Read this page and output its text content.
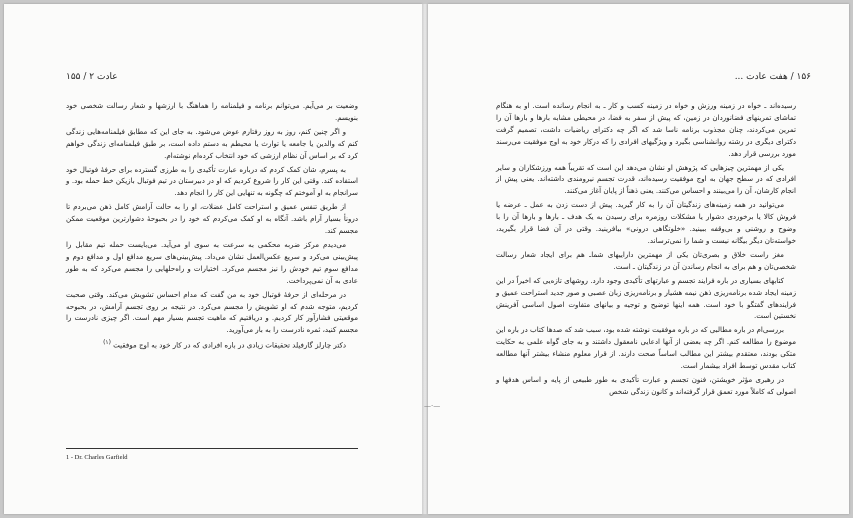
عادت ۲ / ۱۵۵

وضعیت بر می‌آیم. می‌توانم برنامه و فیلمنامه را هماهنگ با ارزشها و شعار رسالت شخصی خود بنویسم.

و اگر چنین کنم، روز به روز رفتارم عوض می‌شود. به جای این که مطابق فیلمنامه‌هایی زندگی کنم که والدین یا جامعه یا توارث یا محیطم به دستم داده است، بر طبق فیلمنامه‌ای زندگی خواهم کرد که بر اساس آن نظام ارزشی که خود انتخاب کرده‌ام نوشته‌ام.

به پسرم، شان کمک کردم که درباره عبارت تأکیدی را به طرزی گسترده برای حرفهٔ فوتبال خود استفاده کند. وقتی این کار را شروع کردیم که او در دبیرستان در تیم فوتبال بازیکن خط حمله بود. و سرانجام به او آموختم که چگونه به تنهایی این کار را انجام دهد.

از طریق تنفس عمیق و استراحت کامل عضلات، او را به حالت آرامش کامل ذهن می‌بردم تا درونأ بسیار آرام باشد. آنگاه به او کمک می‌کردم که خود را در بحبوحهٔ دشوارترین موقعیت ممکن مجسم کند.

می‌دیدم مرکز ضربه محکمی به سرعت به سوی او می‌آید. می‌بایست حمله تیم مقابل را پیش‌بینی می‌کرد و سریع عکس‌العمل نشان می‌داد. پیش‌بینی‌های سریع مدافع اول و مدافع دوم و مدافع سوم تیم خودش را نیز مجسم می‌کرد. اختیارات و راه‌حلهایی را مجسم می‌کرد که به طور عادی به آن نمی‌پرداخت.

در مرحله‌ای از حرفهٔ فوتبال خود به من گفت که مدام احساس تشویش می‌کند. وقتی صحبت کردیم، متوجه شدم که او تشویش را مجسم می‌کرد. در نتیجه بر روی تجسم آرامش، در بحبوحه موقعیتی فشارآور کار کردیم. و دریافتیم که ماهیت تجسم بسیار مهم است. اگر چیزی نادرست را مجسم کنید، ثمره نادرست را به بار می‌آورید.

دکتر چارلز گارفیلد تحقیقات زیادی در باره افرادی که در کار خود به اوج موفقیت $^{(۱)}$

1 - Dr. Charles Garfield
۱۵۶ / هفت عادت ...
—·—

رسیده‌اند ـ خواه در زمینه ورزش و خواه در زمینه کسب و کار ـ به انجام رسانده است. او به هنگام تماشای تمرینهای فضانوردان در زمین، که پیش از سفر به فضا، در محیطی مشابه بارها و بارها آن را تمرین می‌کردند، چنان مجذوب برنامه ناسا شد که اگر چه دکترای ریاضیات داشت، تصمیم گرفت دکترای دیگری در رشته روانشناسی بگیرد و ویژگیهای افرادی را که درکار خود به اوج موفقیت می‌رسند مورد بررسی قرار دهد.

یکی از مهمترین چیزهایی که پژوهش او نشان می‌دهد این است که تقریباً همه ورزشکاران و سایر افرادی که در سطح جهان به اوج موفقیت رسیده‌اند، قدرت تجسم نیرومندی داشته‌اند. یعنی پیش از انجام کارشان، آن را می‌بینند و احساس می‌کنند. یعنی ذهناً از پایان آغاز می‌کنند.

می‌توانید در همه زمینه‌های زندگیتان آن را به کار گیرید. پیش از دست زدن به عمل ـ عرضه یا فروش کالا یا برخوردی دشوار یا مشکلات روزمره برای رسیدن به یک هدف ـ بارها و بارها آن را با وضوح و روشنی و بی‌وقفه ببینید. «خلوتگاهی درونی» بیافرینید. وقتی در آن فضا قرار بگیرید، خواسته‌تان دیگر بیگانه نیست و شما را نمی‌ترساند.

مغز راست خلاق و بصری‌تان یکی از مهمترین داراییهای شماـ هم برای ایجاد شعار رسالت شخصی‌تان و هم برای به انجام رساندن آن در زندگیتان ـ است.

کتابهای بسیاری در باره فرایند تجسم و عبارتهای تأکیدی وجود دارد. روشهای تازه‌یی که اخیراً در این زمینه ایجاد شده برنامه‌ریزی ذهن نیمه هشیار و برنامه‌ریزی زبان عصبی و صور جدید استراحت عمیق و فرایندهای گفتگو با خود است. همه اینها توضیح و توجیه و بیانهای متفاوت اصول اساسی آفرینش نخستین است.

بررسی‌ام در باره مطالبی که در باره موفقیت نوشته شده بود، سبب شد که صدها کتاب در باره این موضوع را مطالعه کنم. اگر چه بعضی از آنها ادعایی نامعقول داشتند و به جای گواه علمی به حکایت متکی بودند، معتقدم بیشتر این مطالب اساساً صحت دارند. از قرار معلوم منشاء بیشتر آنها مطالعه کتاب مقدس توسط افراد بیشمار است.

در رهبری مؤثر خویشتن، فنون تجسم و عبارت تأکیدی به طور طبیعی از پایه و اساس هدفها و اصولی که کاملاً مورد تعمق قرار گرفته‌اند و کانون زندگی شخص
